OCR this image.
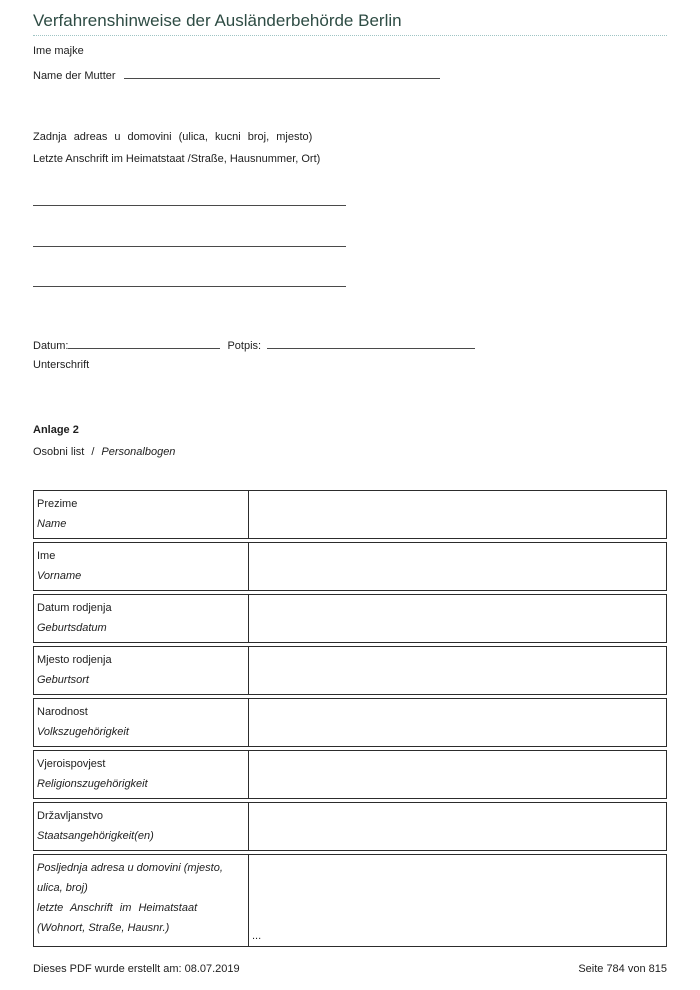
Verfahrenshinweise der Ausländerbehörde Berlin
Ime majke
Name der Mutter
Zadnja adreas u domovini (ulica, kucni broj, mjesto)
Letzte Anschrift im Heimatstaat /Straße, Hausnummer, Ort)
Datum:	Potpis:
Unterschrift
Anlage 2
Osobni list / Personalbogen
Prezime
Name
Ime
Vorname
Datum rodjenja
Geburtsdatum
Mjesto rodjenja
Geburtsort
Narodnost
Volkszugehörigkeit
Vjeroispovjest
Religionszugehörigkeit
Državljanstvo
Staatsangehörigkeit(en)
Posljednja adresa u domovini (mjesto, ulica, broj)
letzte Anschrift im Heimatstaat
(Wohnort, Straße, Hausnr.)
...
Dieses PDF wurde erstellt am: 08.07.2019	Seite 784 von 815
